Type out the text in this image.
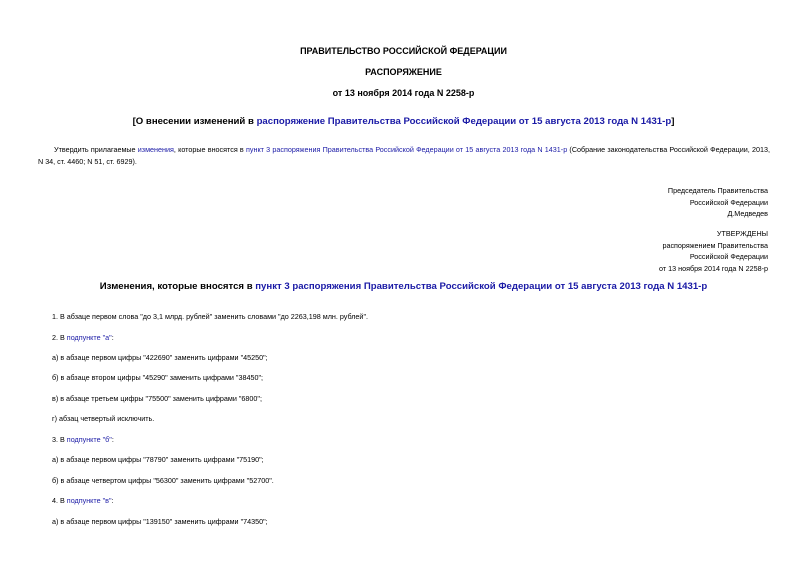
ПРАВИТЕЛЬСТВО РОССИЙСКОЙ ФЕДЕРАЦИИ
РАСПОРЯЖЕНИЕ
от 13 ноября 2014 года N 2258-р
[О внесении изменений в распоряжение Правительства Российской Федерации от 15 августа 2013 года N 1431-р]
Утвердить прилагаемые изменения, которые вносятся в пункт 3 распоряжения Правительства Российской Федерации от 15 августа 2013 года N 1431-р (Собрание законодательства Российской Федерации, 2013, N 34, ст. 4460; N 51, ст. 6929).
Председатель Правительства
Российской Федерации
Д.Медведев
УТВЕРЖДЕНЫ
распоряжением Правительства
Российской Федерации
от 13 ноября 2014 года N 2258-р
Изменения, которые вносятся в пункт 3 распоряжения Правительства Российской Федерации от 15 августа 2013 года N 1431-р
1. В абзаце первом слова "до 3,1 млрд. рублей" заменить словами "до 2263,198 млн. рублей".
2. В подпункте "а":
а) в абзаце первом цифры "422690" заменить цифрами "45250";
б) в абзаце втором цифры "45290" заменить цифрами "38450";
в) в абзаце третьем цифры "75500" заменить цифрами "6800";
г) абзац четвертый исключить.
3. В подпункте "б":
а) в абзаце первом цифры "78790" заменить цифрами "75190";
б) в абзаце четвертом цифры "56300" заменить цифрами "52700".
4. В подпункте "в":
а) в абзаце первом цифры "139150" заменить цифрами "74350";
